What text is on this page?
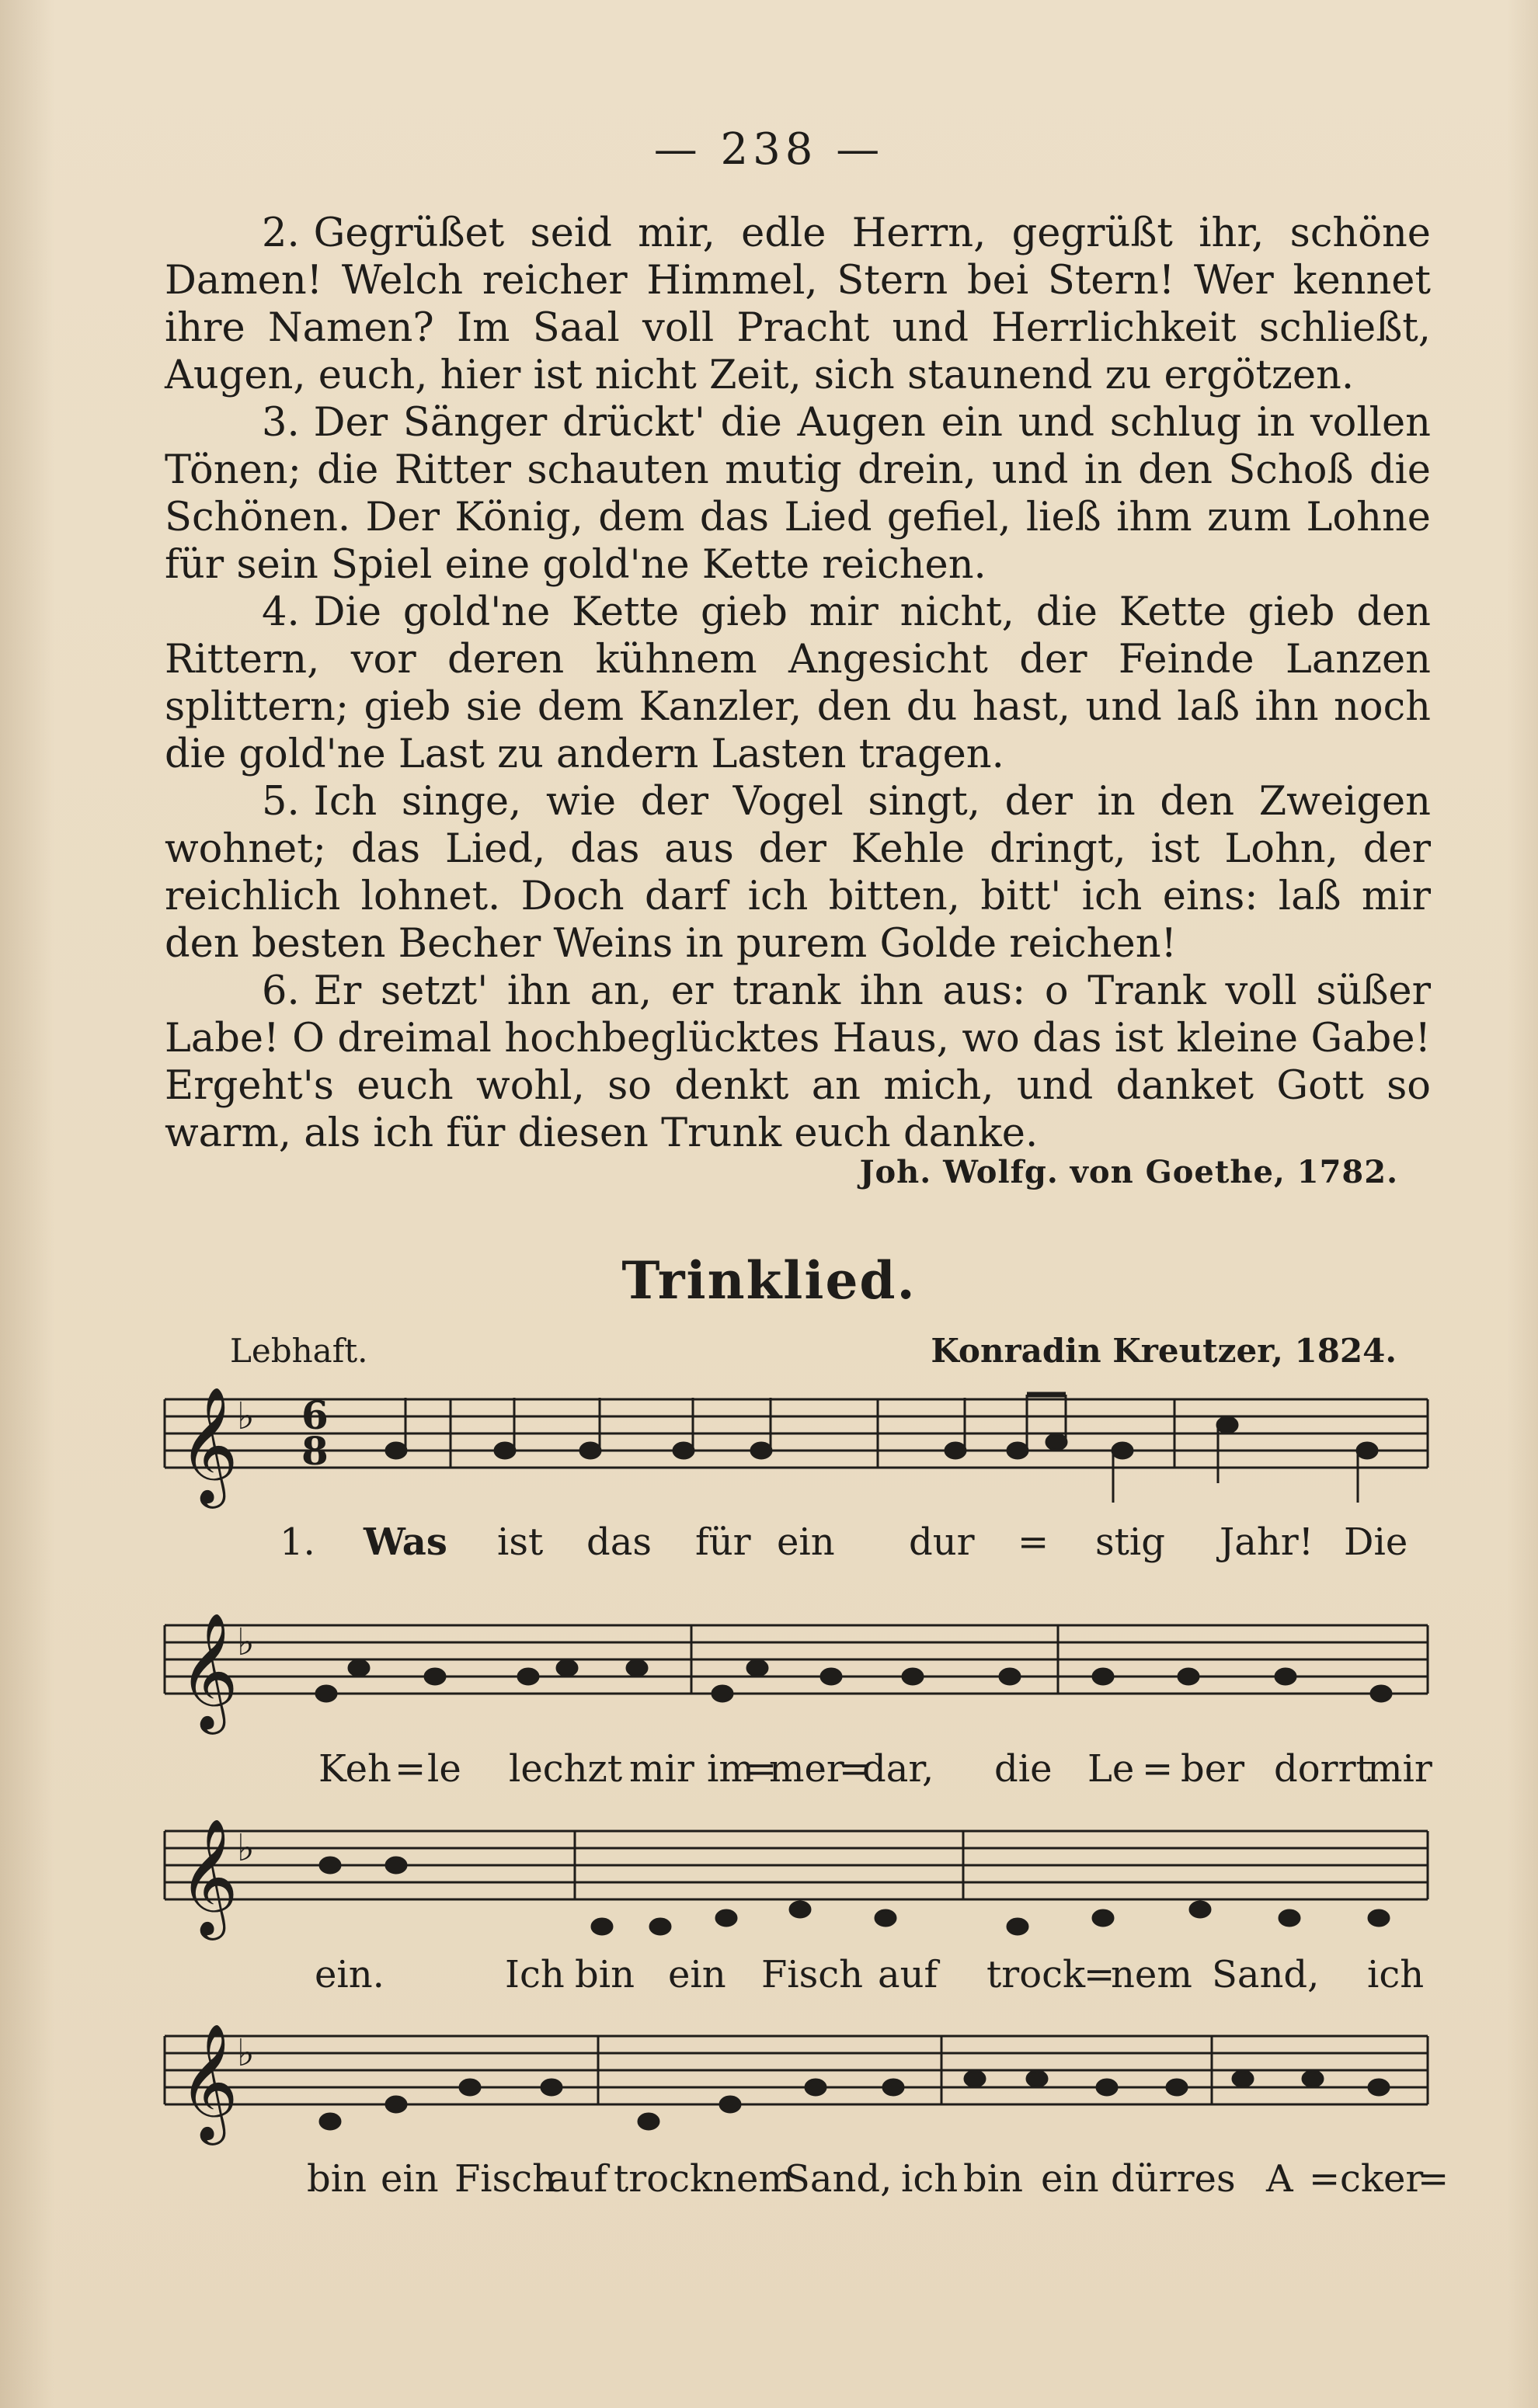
— 238 —

2. Gegrüßet seid mir, edle Herrn, gegrüßt ihr, schöne Damen! Welch reicher Himmel, Stern bei Stern! Wer kennet ihre Namen? Im Saal voll Pracht und Herrlichkeit schließt, Augen, euch, hier ist nicht Zeit, sich staunend zu ergötzen.

3. Der Sänger drückt' die Augen ein und schlug in vollen Tönen; die Ritter schauten mutig drein, und in den Schoß die Schönen. Der König, dem das Lied gefiel, ließ ihm zum Lohne für sein Spiel eine gold'ne Kette reichen.

4. Die gold'ne Kette gieb mir nicht, die Kette gieb den Rittern, vor deren kühnem Angesicht der Feinde Lanzen splittern; gieb sie dem Kanzler, den du hast, und laß ihn noch die gold'ne Last zu andern Lasten tragen.

5. Ich singe, wie der Vogel singt, der in den Zweigen wohnet; das Lied, das aus der Kehle dringt, ist Lohn, der reichlich lohnet. Doch darf ich bitten, bitt' ich eins: laß mir den besten Becher Weins in purem Golde reichen!

6. Er setzt' ihn an, er trank ihn aus: o Trank voll süßer Labe! O dreimal hochbeglücktes Haus, wo das ist kleine Gabe! Ergeht's euch wohl, so denkt an mich, und danket Gott so warm, als ich für diesen Trunk euch danke.

Joh. Wolfg. von Goethe, 1782.
Trinklied.
Lebhaft.	Konradin Kreutzer, 1824.
𝄞
♭
𝄞
♭
𝄞
♭
𝄞
♭
6
8
1. Was ist das für ein dur = stig Jahr! Die
Keh = le lechzt mir im
=
mer
=
dar, die Le = ber dorrt
mir
ein.	Ich bin ein Fisch auf trock
=
nem Sand, ich
bin ein Fisch
auf trocknem
Sand, ich bin ein dürres A = cker
=
